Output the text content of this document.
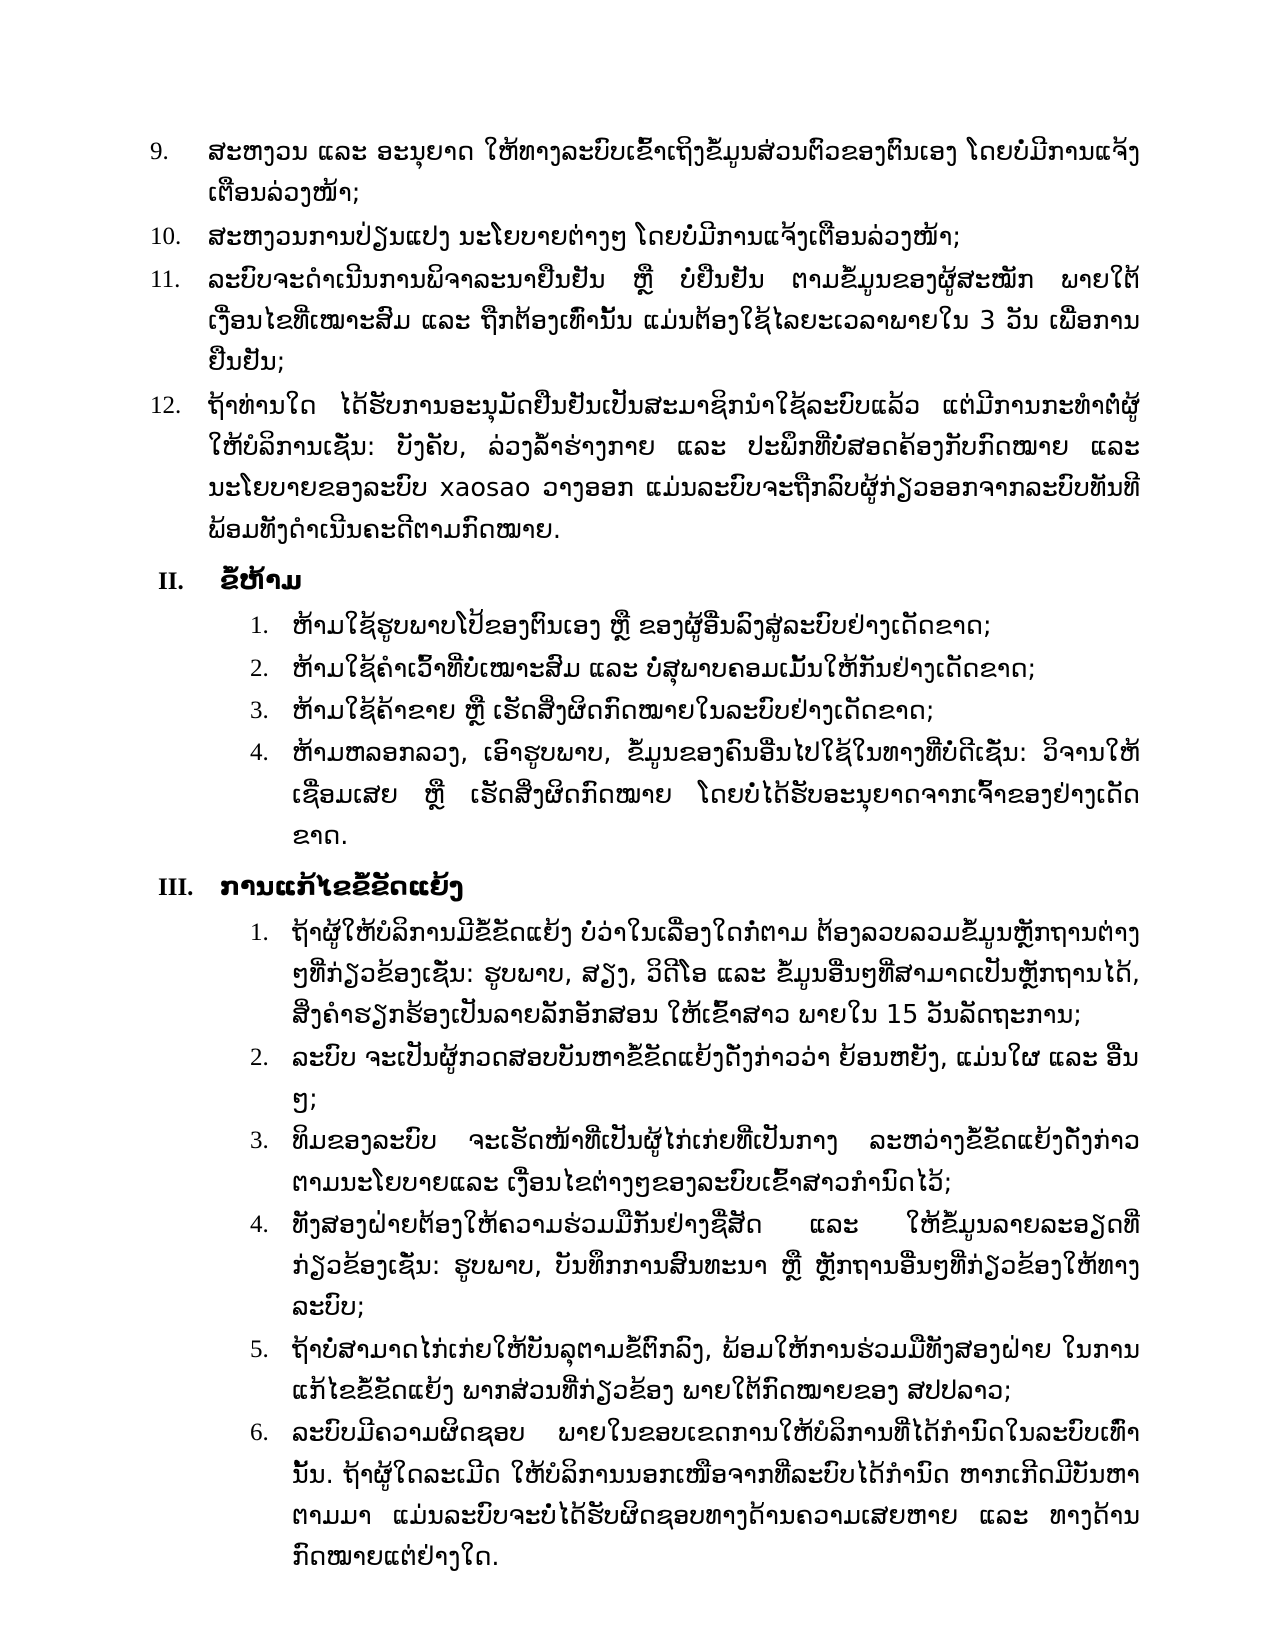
9.	ສະຫງວນ ແລະ ອະນຸຍາດ ໃຫ້ທາງລະບົບເຂົ້າເຖິງຂໍ້ມູນສ່ວນຕົວຂອງຕົນເອງ ໂດຍບໍ່ມີການແຈ້ງເຕືອນລ່ວງໜ້າ;
10.	ສະຫງວນການປ່ຽນແປງ ນະໂຍບາຍຕ່າງໆ ໂດຍບໍ່ມີການແຈ້ງເຕືອນລ່ວງໜ້າ;
11.	ລະບົບຈະດຳເນີນການພິຈາລະນາຢືນຢັນ ຫຼື ບໍ່ຢືນຢັນ ຕາມຂໍ້ມູນຂອງຜູ້ສະໝັກ ພາຍໃຕ້ເງື່ອນໄຂທີ່ເໝາະສົມ ແລະ ຖືກຕ້ອງເທົ່ານັ້ນ ແມ່ນຕ້ອງໃຊ້ໄລຍະເວລາພາຍໃນ 3 ວັນ ເພື່ອການຢືນຢັນ;
12.	ຖ້າທ່ານໃດ ໄດ້ຮັບການອະນຸມັດຢືນຢັນເປັນສະມາຊິກນຳໃຊ້ລະບົບແລ້ວ ແຕ່ມີການກະທຳຕໍ່ຜູ້ໃຫ້ບໍລິການເຊັ່ນ: ບັງຄັບ, ລ່ວງລ້ຳຮ່າງກາຍ ແລະ ປະພຶກທີ່ບໍ່ສອດຄ້ອງກັບກົດໝາຍ ແລະ ນະໂຍບາຍຂອງລະບົບ xaosao ວາງອອກ ແມ່ນລະບົບຈະຖືກລົບຜູ້ກ່ຽວອອກຈາກລະບົບທັນທີ ພ້ອມທັງດຳເນີນຄະດີຕາມກົດໝາຍ.
II.	ຂໍ້ຫ້າມ
1. ຫ້າມໃຊ້ຮູບພາບໂປ້ຂອງຕົນເອງ ຫຼື ຂອງຜູ້ອື່ນລົງສູ່ລະບົບຢ່າງເດັດຂາດ;
2. ຫ້າມໃຊ້ຄຳເວົ້າທີ່ບໍ່ເໝາະສົມ ແລະ ບໍ່ສຸພາບຄອມເມັ້ນໃຫ້ກັນຢ່າງເດັດຂາດ;
3. ຫ້າມໃຊ້ຄ້າຂາຍ ຫຼື ເຮັດສິ່ງຜິດກົດໝາຍໃນລະບົບຢ່າງເດັດຂາດ;
4. ຫ້າມຫລອກລວງ, ເອົາຮູບພາບ, ຂໍ້ມູນຂອງຄົນອື່ນໄປໃຊ້ໃນທາງທີ່ບໍ່ດີເຊັ່ນ: ວິຈານໃຫ້ເຊື່ອມເສຍ ຫຼື ເຮັດສິ່ງຜິດກົດໝາຍ ໂດຍບໍ່ໄດ້ຮັບອະນຸຍາດຈາກເຈົ້າຂອງຢ່າງເດັດຂາດ.
III.	ການແກ້ໄຂຂໍ້ຂັດແຍ້ງ
1. ຖ້າຜູ້ໃຫ້ບໍລິການມີຂໍ້ຂັດແຍ້ງ ບໍ່ວ່າໃນເລື່ອງໃດກໍ່ຕາມ ຕ້ອງລວບລວມຂໍ້ມູນຫຼັກຖານຕ່າງໆທີ່ກ່ຽວຂ້ອງເຊັ່ນ: ຮູບພາບ, ສຽງ, ວິດີໂອ ແລະ ຂໍ້ມູນອື່ນໆທີ່ສາມາດເປັນຫຼັກຖານໄດ້, ສິ່ງຄຳຮຽກຮ້ອງເປັນລາຍລັກອັກສອນ ໃຫ້ເຂົ້າສາວ ພາຍໃນ 15 ວັນລັດຖະການ;
2. ລະບົບ ຈະເປັນຜູ້ກວດສອບບັນຫາຂໍ້ຂັດແຍ້ງດັ່ງກ່າວວ່າ ຍ້ອນຫຍັງ, ແມ່ນໃຜ ແລະ ອື່ນໆ;
3. ທິມຂອງລະບົບ ຈະເຮັດໜ້າທີ່ເປັນຜູ້ໄກ່ເກ່ຍທີ່ເປັນກາງ ລະຫວ່າງຂໍ້ຂັດແຍ້ງດັ່ງກ່າວ ຕາມນະໂຍບາຍແລະ ເງື່ອນໄຂຕ່າງໆຂອງລະບົບເຂົ້າສາວກຳນົດໄວ້;
4. ທັງສອງຝ່າຍຕ້ອງໃຫ້ຄວາມຮ່ວມມືກັນຢ່າງຊື່ສັດ ແລະ ໃຫ້ຂໍ້ມູນລາຍລະອຽດທີ່ກ່ຽວຂ້ອງເຊັ່ນ: ຮູບພາບ, ບັນທຶກການສົນທະນາ ຫຼື ຫຼັກຖານອື່ນໆທີ່ກ່ຽວຂ້ອງໃຫ້ທາງລະບົບ;
5. ຖ້າບໍ່ສາມາດໄກ່ເກ່ຍໃຫ້ບັນລຸຕາມຂໍ້ຕົກລົງ, ພ້ອມໃຫ້ການຮ່ວມມືທັງສອງຝ່າຍ ໃນການແກ້ໄຂຂໍ້ຂັດແຍ້ງ ພາກສ່ວນທີ່ກ່ຽວຂ້ອງ ພາຍໃຕ້ກົດໝາຍຂອງ ສປປລາວ;
6. ລະບົບມີຄວາມຜິດຊອບ ພາຍໃນຂອບເຂດການໃຫ້ບໍລິການທີ່ໄດ້ກຳນົດໃນລະບົບເທົ່ານັ້ນ. ຖ້າຜູ້ໃດລະເມີດ ໃຫ້ບໍລິການນອກເໜືອຈາກທີ່ລະບົບໄດ້ກຳນົດ ຫາກເກີດມີບັນຫາຕາມມາ ແມ່ນລະບົບຈະບໍ່ໄດ້ຮັບຜິດຊອບທາງດ້ານຄວາມເສຍຫາຍ ແລະ ທາງດ້ານກົດໝາຍແຕ່ຢ່າງໃດ.
